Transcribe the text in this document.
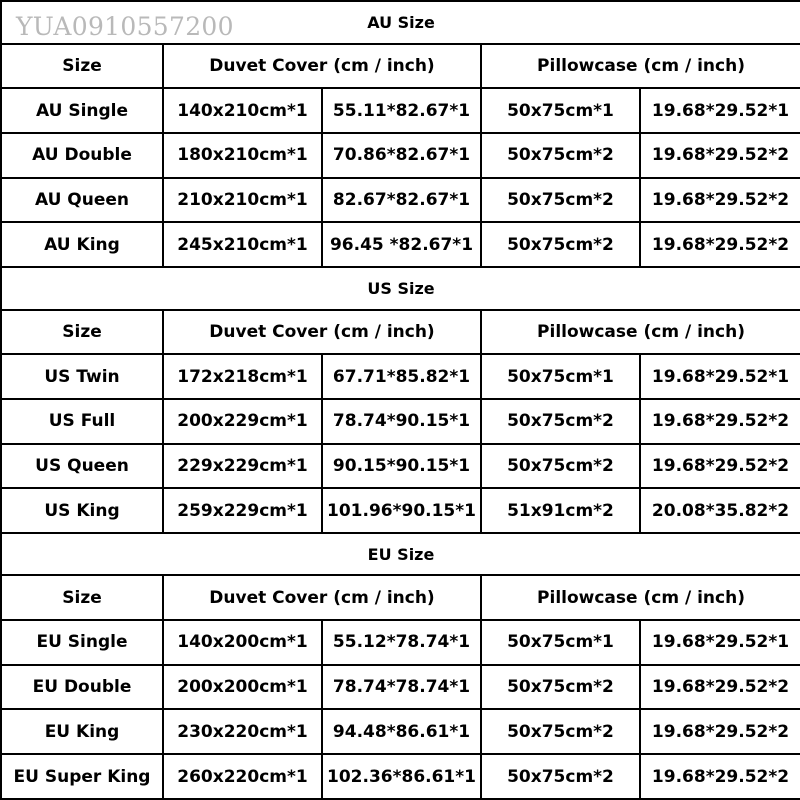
YUA0910557200	AU Size				
Size	Duvet Cover (cm / inch)		Pillowcase (cm / inch)	
AU Single	140x210cm*1	55.11*82.67*1	50x75cm*1	19.68*29.52*1
AU Double	180x210cm*1	70.86*82.67*1	50x75cm*2	19.68*29.52*2
AU Queen	210x210cm*1	82.67*82.67*1	50x75cm*2	19.68*29.52*2
AU King	245x210cm*1	96.45 *82.67*1	50x75cm*2	19.68*29.52*2
US Size				
Size	Duvet Cover (cm / inch)		Pillowcase (cm / inch)	
US Twin	172x218cm*1	67.71*85.82*1	50x75cm*1	19.68*29.52*1
US Full	200x229cm*1	78.74*90.15*1	50x75cm*2	19.68*29.52*2
US Queen	229x229cm*1	90.15*90.15*1	50x75cm*2	19.68*29.52*2
US King	259x229cm*1	101.96*90.15*1	51x91cm*2	20.08*35.82*2
EU Size				
Size	Duvet Cover (cm / inch)		Pillowcase (cm / inch)	
EU Single	140x200cm*1	55.12*78.74*1	50x75cm*1	19.68*29.52*1
EU Double	200x200cm*1	78.74*78.74*1	50x75cm*2	19.68*29.52*2
EU King	230x220cm*1	94.48*86.61*1	50x75cm*2	19.68*29.52*2
EU Super King	260x220cm*1	102.36*86.61*1	50x75cm*2	19.68*29.52*2
